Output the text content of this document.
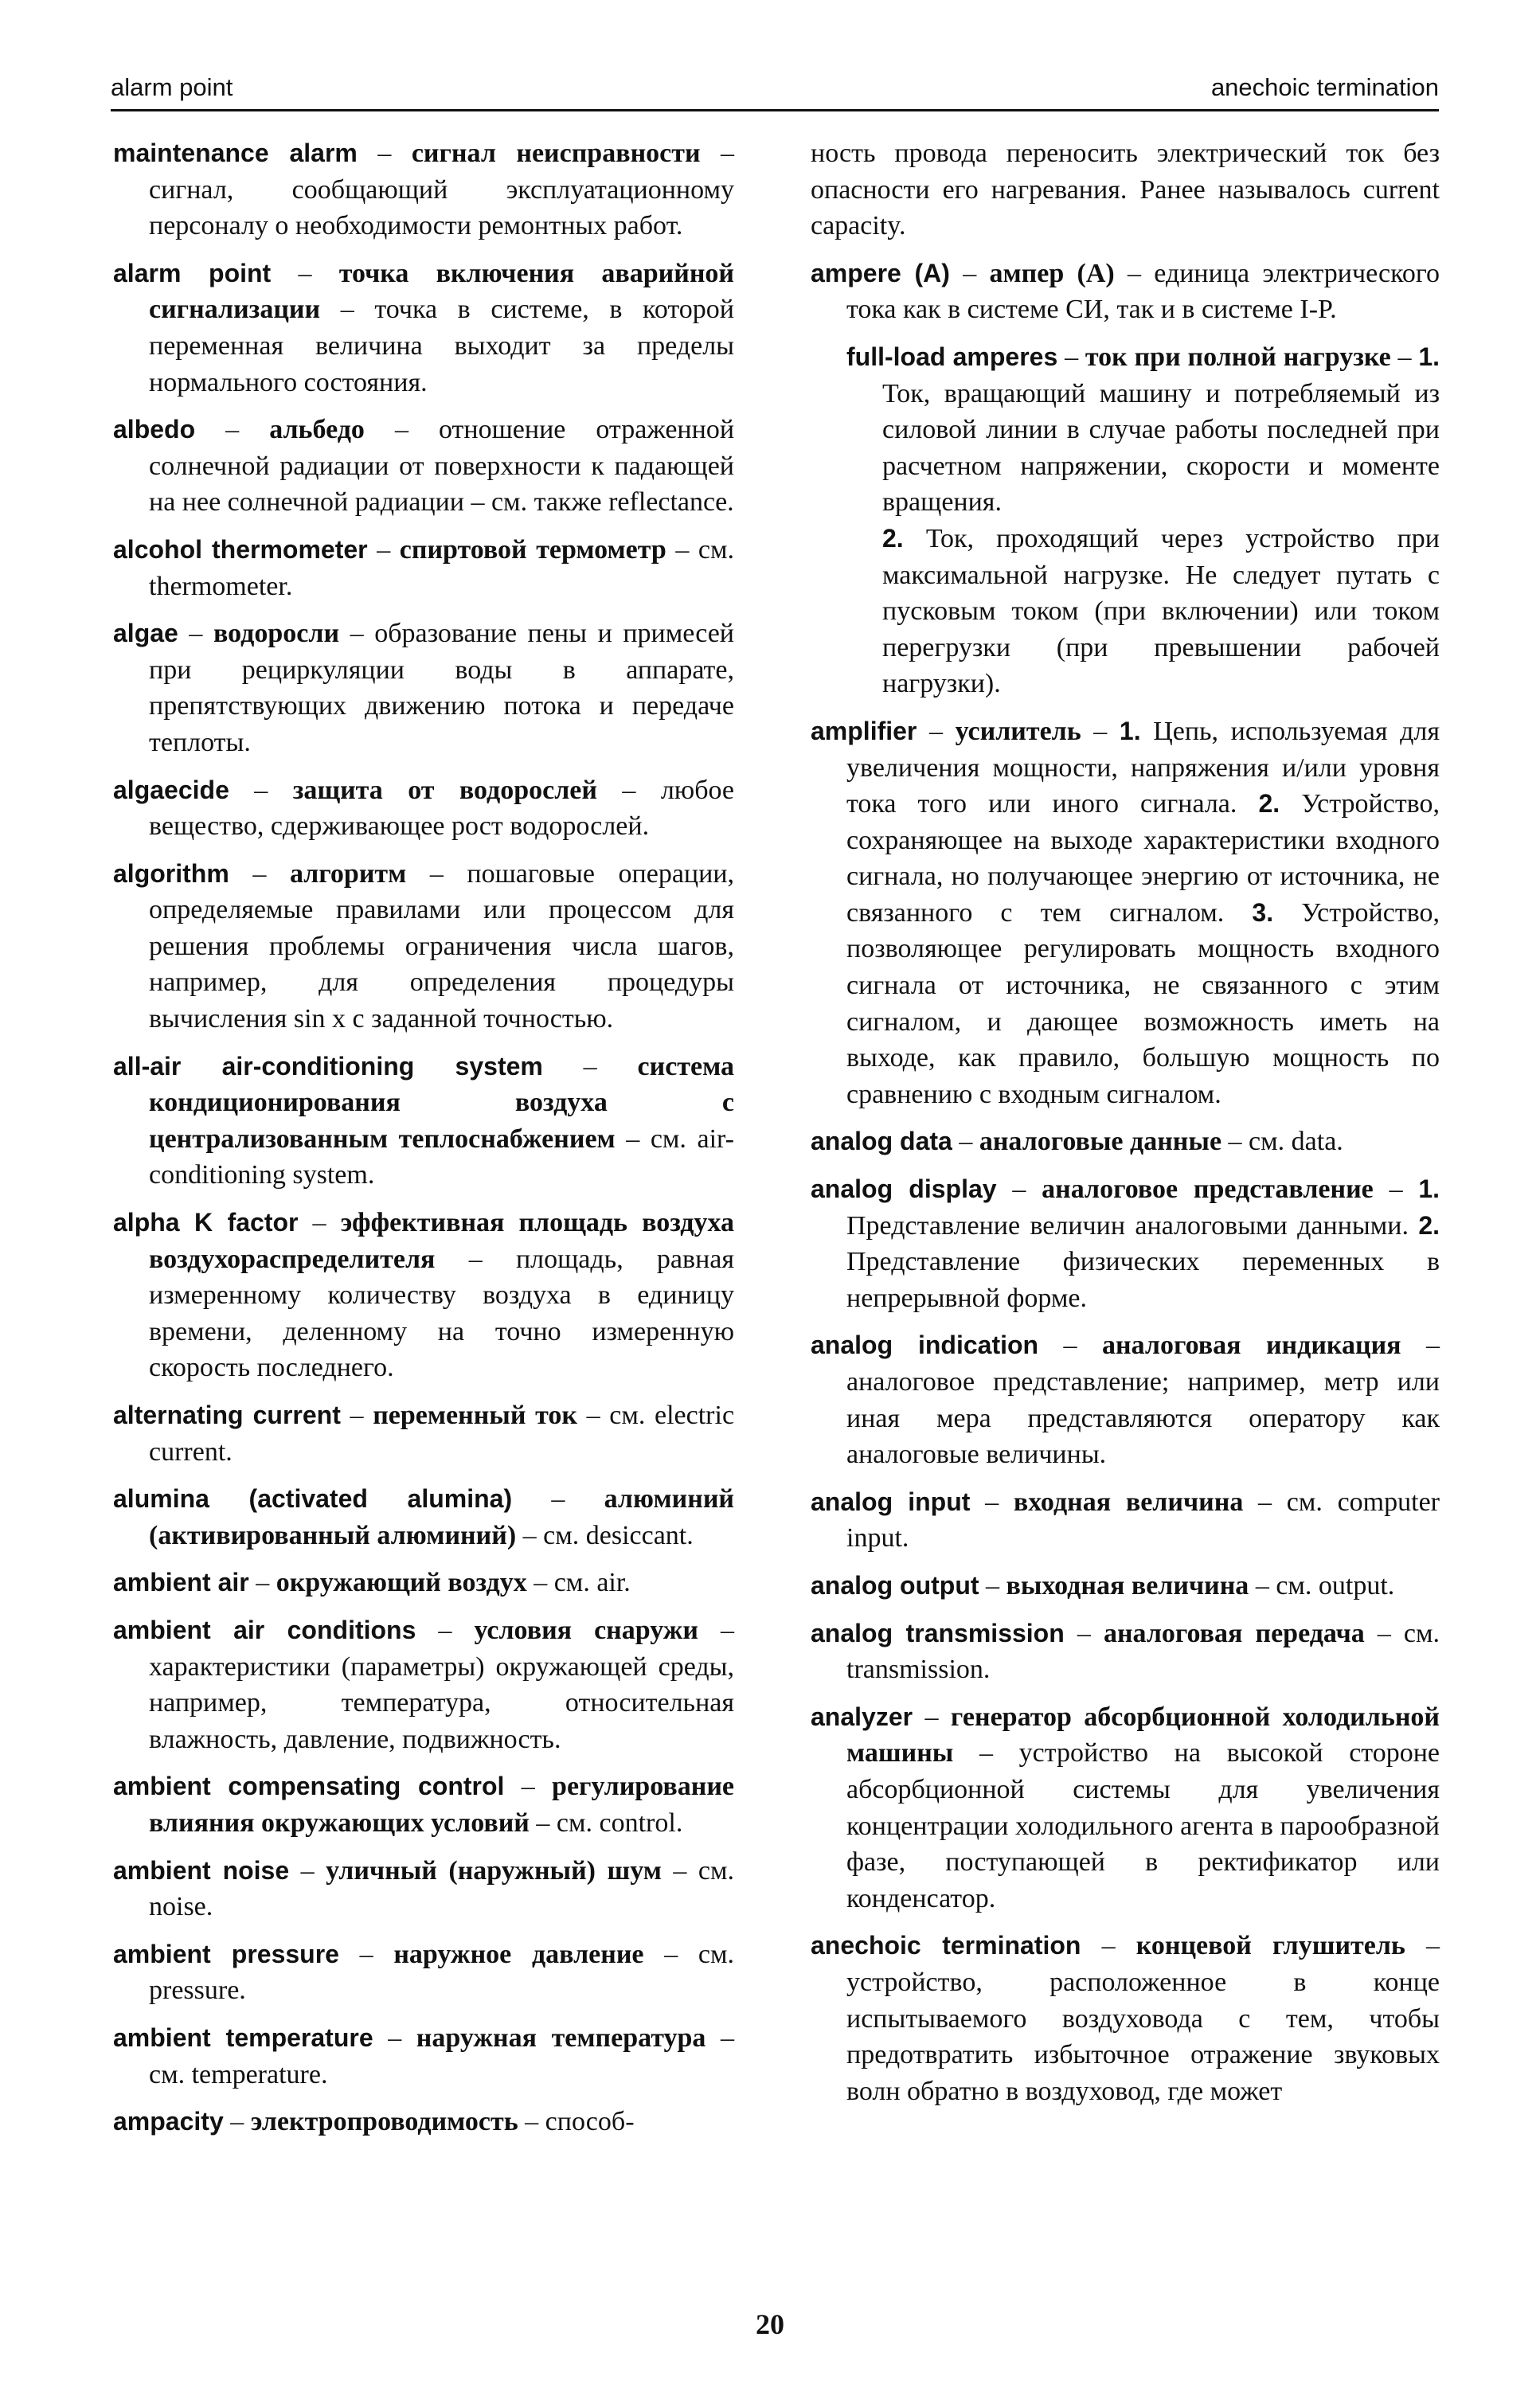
alarm point	anechoic termination

maintenance alarm – сигнал неисправности – сигнал, сообщающий эксплуатационному персоналу о необходимости ремонтных работ.

alarm point – точка включения аварийной сигнализации – точка в системе, в которой переменная величина выходит за пределы нормального состояния.

albedo – альбедо – отношение отраженной солнечной радиации от поверхности к падающей на нее солнечной радиации – см. также reflectance.

alcohol thermometer – спиртовой термометр – см. thermometer.

algae – водоросли – образование пены и примесей при рециркуляции воды в аппарате, препятствующих движению потока и передаче теплоты.

algaecide – защита от водорослей – любое вещество, сдерживающее рост водорослей.

algorithm – алгоритм – пошаговые операции, определяемые правилами или процессом для решения проблемы ограничения числа шагов, например, для определения процедуры вычисления sin x с заданной точностью.

all-air air-conditioning system – система кондиционирования воздуха с централизованным теплоснабжением – см. air-conditioning system.

alpha K factor – эффективная площадь воздуха воздухораспределителя – площадь, равная измеренному количеству воздуха в единицу времени, деленному на точно измеренную скорость последнего.

alternating current – переменный ток – см. electric current.

alumina (activated alumina) – алюминий (активированный алюминий) – см. desiccant.

ambient air – окружающий воздух – см. air.

ambient air conditions – условия снаружи – характеристики (параметры) окружающей среды, например, температура, относительная влажность, давление, подвижность.

ambient compensating control – регулирование влияния окружающих условий – см. control.

ambient noise – уличный (наружный) шум – см. noise.

ambient pressure – наружное давление – см. pressure.

ambient temperature – наружная температура – см. temperature.

ampacity – электропроводимость – способ-

ность провода переносить электрический ток без опасности его нагревания. Ранее называлось current capacity.

ampere (A) – ампер (A) – единица электрического тока как в системе СИ, так и в системе I-P.

full-load amperes – ток при полной нагрузке – 1. Ток, вращающий машину и потребляемый из силовой линии в случае работы последней при расчетном напряжении, скорости и моменте вращения.
2. Ток, проходящий через устройство при максимальной нагрузке. Не следует путать с пусковым током (при включении) или током перегрузки (при превышении рабочей нагрузки).

amplifier – усилитель – 1. Цепь, используемая для увеличения мощности, напряжения и/или уровня тока того или иного сигнала. 2. Устройство, сохраняющее на выходе характеристики входного сигнала, но получающее энергию от источника, не связанного с тем сигналом. 3. Устройство, позволяющее регулировать мощность входного сигнала от источника, не связанного с этим сигналом, и дающее возможность иметь на выходе, как правило, большую мощность по сравнению с входным сигналом.

analog data – аналоговые данные – см. data.

analog display – аналоговое представление – 1. Представление величин аналоговыми данными. 2. Представление физических переменных в непрерывной форме.

analog indication – аналоговая индикация – аналоговое представление; например, метр или иная мера представляются оператору как аналоговые величины.

analog input – входная величина – см. computer input.

analog output – выходная величина – см. output.

analog transmission – аналоговая передача – см. transmission.

analyzer – генератор абсорбционной холодильной машины – устройство на высокой стороне абсорбционной системы для увеличения концентрации холодильного агента в парообразной фазе, поступающей в ректификатор или конденсатор.

anechoic termination – концевой глушитель – устройство, расположенное в конце испытываемого воздуховода с тем, чтобы предотвратить избыточное отражение звуковых волн обратно в воздуховод, где может

20
